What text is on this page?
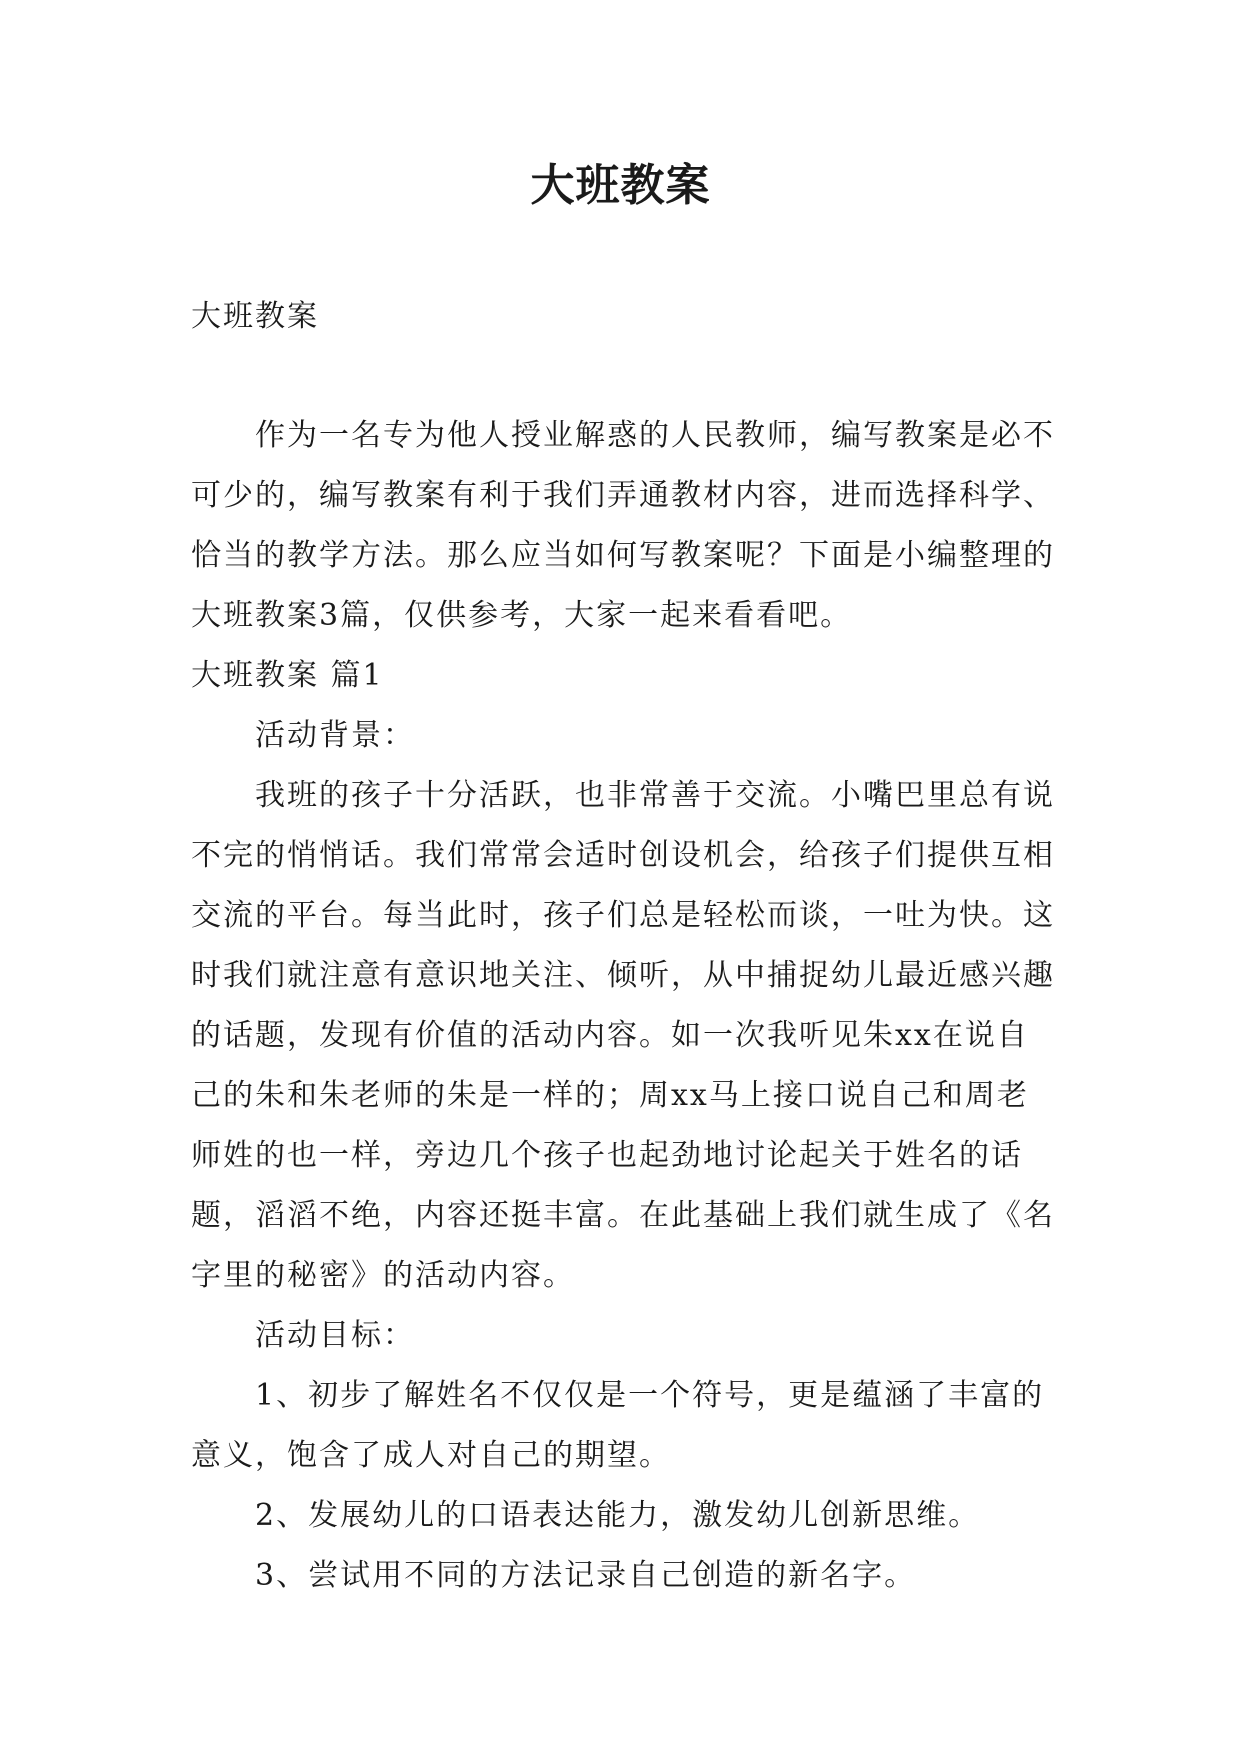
大班教案

大班教案

作为一名专为他人授业解惑的人民教师，编写教案是必不可少的，编写教案有利于我们弄通教材内容，进而选择科学、恰当的教学方法。那么应当如何写教案呢？下面是小编整理的大班教案3篇，仅供参考，大家一起来看看吧。

大班教案 篇1

活动背景：

我班的孩子十分活跃，也非常善于交流。小嘴巴里总有说不完的悄悄话。我们常常会适时创设机会，给孩子们提供互相交流的平台。每当此时，孩子们总是轻松而谈，一吐为快。这时我们就注意有意识地关注、倾听，从中捕捉幼儿最近感兴趣的话题，发现有价值的活动内容。如一次我听见朱xx在说自己的朱和朱老师的朱是一样的；周xx马上接口说自己和周老师姓的也一样，旁边几个孩子也起劲地讨论起关于姓名的话题，滔滔不绝，内容还挺丰富。在此基础上我们就生成了《名字里的秘密》的活动内容。

活动目标：

1、初步了解姓名不仅仅是一个符号，更是蕴涵了丰富的意义，饱含了成人对自己的期望。

2、发展幼儿的口语表达能力，激发幼儿创新思维。

3、尝试用不同的方法记录自己创造的新名字。
